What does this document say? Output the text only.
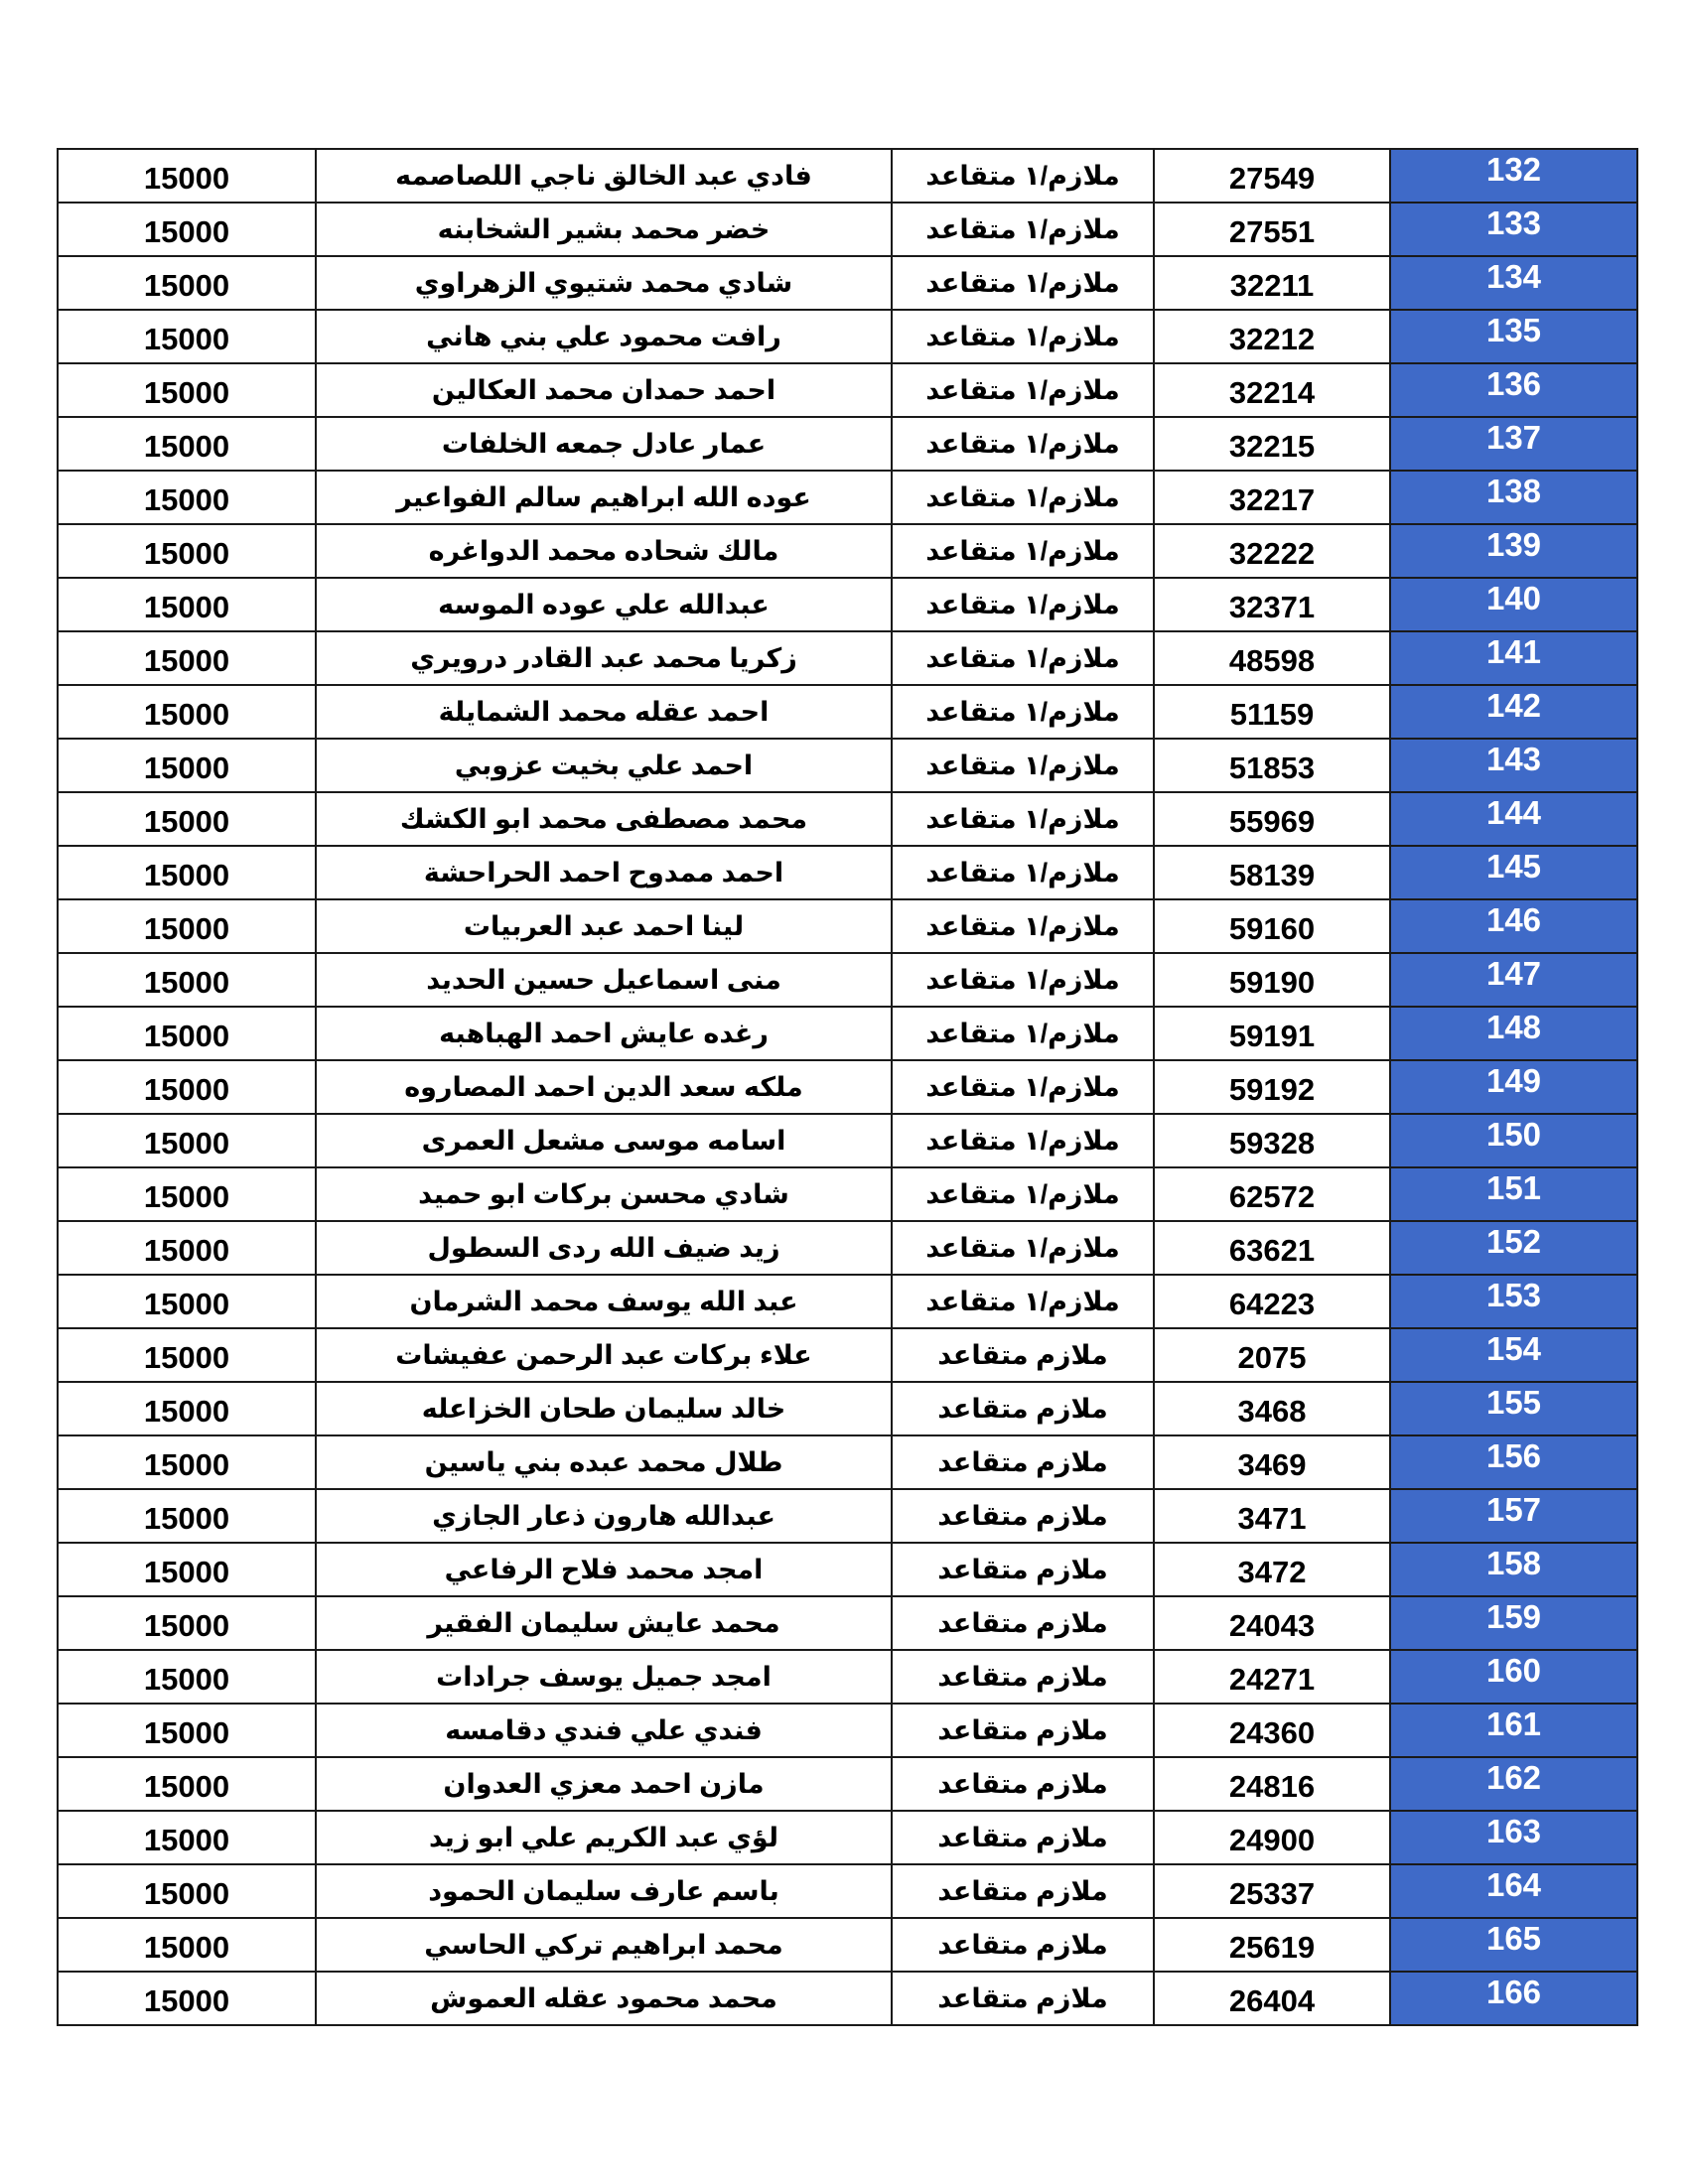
15000	فادي عبد الخالق ناجي اللصاصمه	ملازم/١ متقاعد	27549	132
15000	خضر محمد بشير الشخابنه	ملازم/١ متقاعد	27551	133
15000	شادي محمد شتيوي الزهراوي	ملازم/١ متقاعد	32211	134
15000	رافت محمود علي بني هاني	ملازم/١ متقاعد	32212	135
15000	احمد حمدان محمد العكالين	ملازم/١ متقاعد	32214	136
15000	عمار عادل جمعه الخلفات	ملازم/١ متقاعد	32215	137
15000	عوده الله ابراهيم سالم الفواعير	ملازم/١ متقاعد	32217	138
15000	مالك شحاده محمد الدواغره	ملازم/١ متقاعد	32222	139
15000	عبدالله علي عوده الموسه	ملازم/١ متقاعد	32371	140
15000	زكريا محمد عبد القادر درويري	ملازم/١ متقاعد	48598	141
15000	احمد عقله محمد الشمايلة	ملازم/١ متقاعد	51159	142
15000	احمد علي بخيت عزوبي	ملازم/١ متقاعد	51853	143
15000	محمد مصطفى محمد ابو الكشك	ملازم/١ متقاعد	55969	144
15000	احمد ممدوح احمد الحراحشة	ملازم/١ متقاعد	58139	145
15000	لينا احمد عبد العربيات	ملازم/١ متقاعد	59160	146
15000	منى اسماعيل حسين الحديد	ملازم/١ متقاعد	59190	147
15000	رغده عايش احمد الهباهبه	ملازم/١ متقاعد	59191	148
15000	ملكه سعد الدين احمد المصاروه	ملازم/١ متقاعد	59192	149
15000	اسامه موسى مشعل العمرى	ملازم/١ متقاعد	59328	150
15000	شادي محسن بركات ابو حميد	ملازم/١ متقاعد	62572	151
15000	زيد ضيف الله ردى السطول	ملازم/١ متقاعد	63621	152
15000	عبد الله يوسف محمد الشرمان	ملازم/١ متقاعد	64223	153
15000	علاء بركات عبد الرحمن عفيشات	ملازم متقاعد	2075	154
15000	خالد سليمان طحان الخزاعله	ملازم متقاعد	3468	155
15000	طلال محمد عبده بني ياسين	ملازم متقاعد	3469	156
15000	عبدالله هارون ذعار الجازي	ملازم متقاعد	3471	157
15000	امجد محمد فلاح الرفاعي	ملازم متقاعد	3472	158
15000	محمد عايش سليمان الفقير	ملازم متقاعد	24043	159
15000	امجد جميل يوسف جرادات	ملازم متقاعد	24271	160
15000	فندي علي فندي دقامسه	ملازم متقاعد	24360	161
15000	مازن احمد معزي العدوان	ملازم متقاعد	24816	162
15000	لؤي عبد الكريم علي ابو زيد	ملازم متقاعد	24900	163
15000	باسم عارف سليمان الحمود	ملازم متقاعد	25337	164
15000	محمد ابراهيم تركي الحاسي	ملازم متقاعد	25619	165
15000	محمد محمود عقله العموش	ملازم متقاعد	26404	166
